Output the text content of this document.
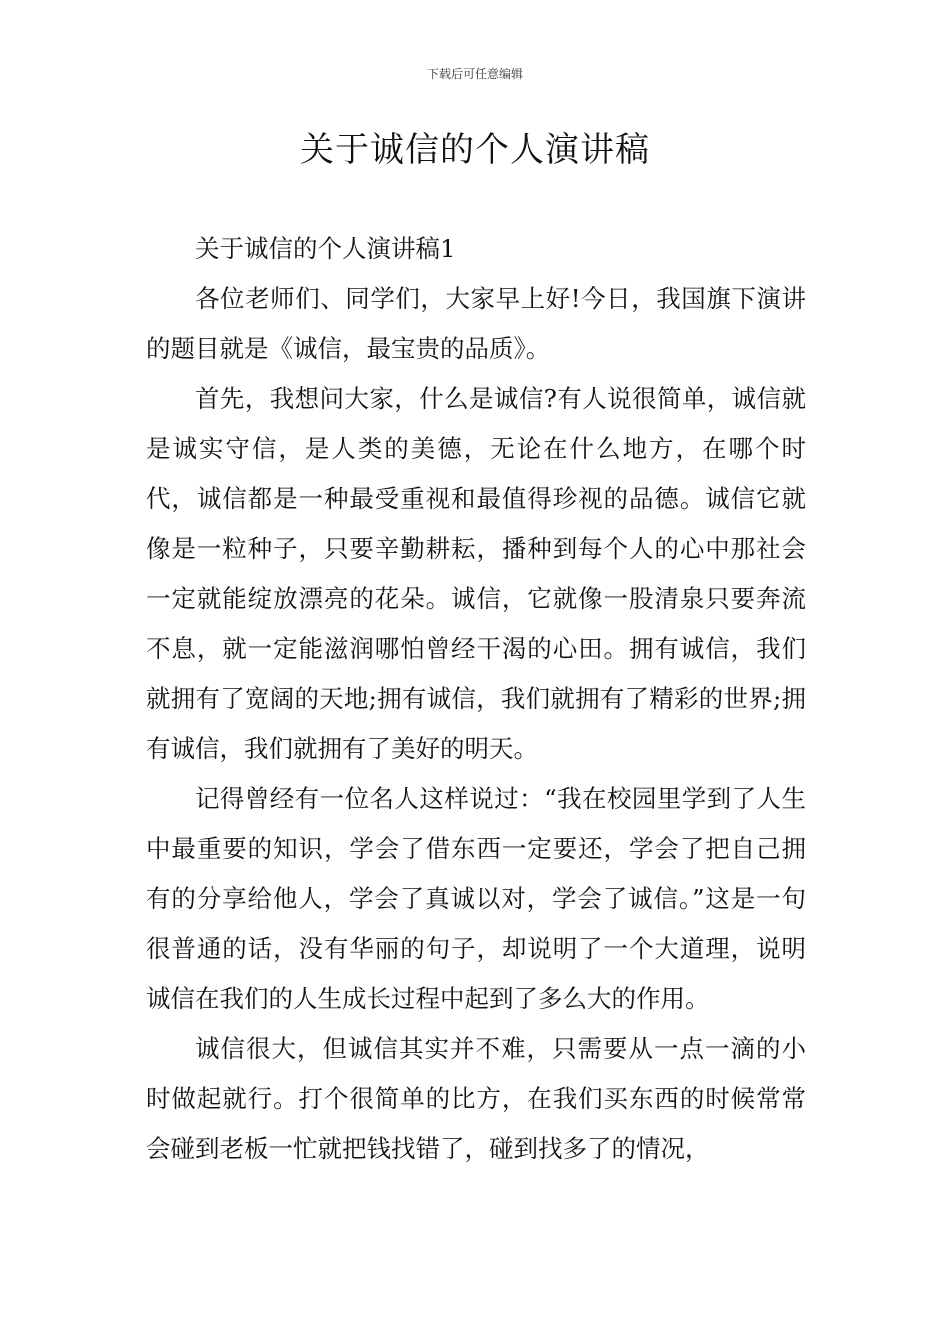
下载后可任意编辑
关于诚信的个人演讲稿

关于诚信的个人演讲稿1

各位老师们、同学们，大家早上好!今日，我国旗下演讲的题目就是《诚信，最宝贵的品质》。

首先，我想问大家，什么是诚信?有人说很简单，诚信就是诚实守信，是人类的美德，无论在什么地方，在哪个时代，诚信都是一种最受重视和最值得珍视的品德。诚信它就像是一粒种子，只要辛勤耕耘，播种到每个人的心中那社会一定就能绽放漂亮的花朵。诚信，它就像一股清泉只要奔流不息，就一定能滋润哪怕曾经干渴的心田。拥有诚信，我们就拥有了宽阔的天地;拥有诚信，我们就拥有了精彩的世界;拥有诚信，我们就拥有了美好的明天。

记得曾经有一位名人这样说过：“我在校园里学到了人生中最重要的知识，学会了借东西一定要还，学会了把自己拥有的分享给他人，学会了真诚以对，学会了诚信。”这是一句很普通的话，没有华丽的句子，却说明了一个大道理，说明诚信在我们的人生成长过程中起到了多么大的作用。

诚信很大，但诚信其实并不难，只需要从一点一滴的小时做起就行。打个很简单的比方，在我们买东西的时候常常会碰到老板一忙就把钱找错了，碰到找多了的情况，
